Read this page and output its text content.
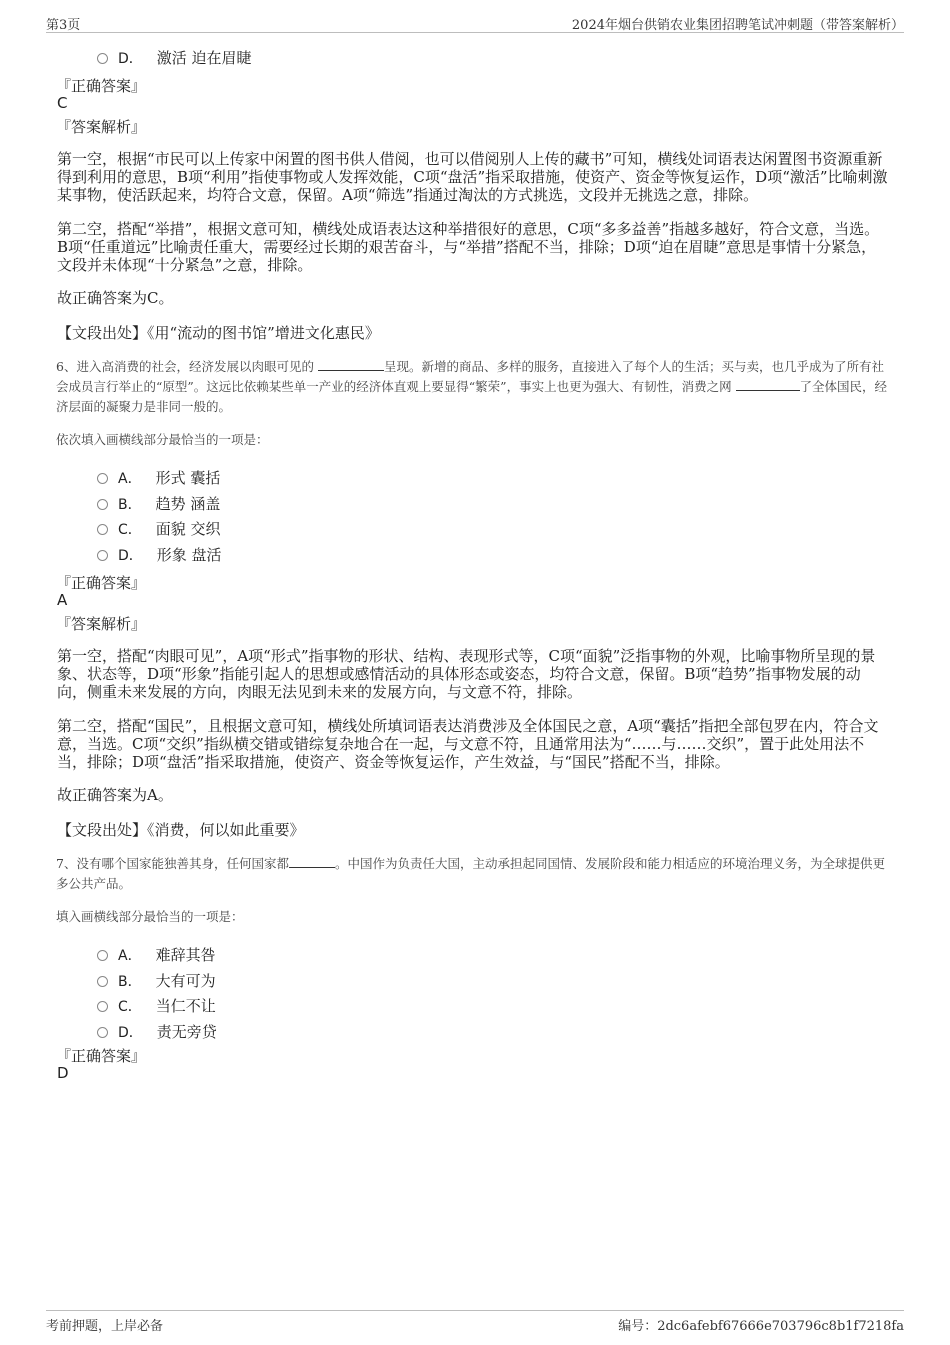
第3页	2024年烟台供销农业集团招聘笔试冲刺题（带答案解析）
D． 激活 迫在眉睫
『正确答案』
C
『答案解析』
第一空，根据“市民可以上传家中闲置的图书供人借阅，也可以借阅别人上传的藏书”可知，横线处词语表达闲置图书资源重新得到利用的意思，B项“利用”指使事物或人发挥效能，C项“盘活”指采取措施，使资产、资金等恢复运作，D项“激活”比喻刺激某事物，使活跃起来，均符合文意，保留。A项“筛选”指通过淘汰的方式挑选，文段并无挑选之意，排除。
第二空，搭配“举措”，根据文意可知，横线处成语表达这种举措很好的意思，C项“多多益善”指越多越好，符合文意，当选。B项“任重道远”比喻责任重大，需要经过长期的艰苦奋斗，与“举措”搭配不当，排除；D项“迫在眉睫”意思是事情十分紧急，文段并未体现“十分紧急”之意，排除。
故正确答案为C。
【文段出处】《用“流动的图书馆”增进文化惠民》
6、进入高消费的社会，经济发展以肉眼可见的	呈现。新增的商品、多样的服务，直接进入了每个人的生活；买与卖，也几乎成为了所有社会成员言行举止的“原型”。这远比依赖某些单一产业的经济体直观上要显得“繁荣”，事实上也更为强大、有韧性，消费之网	了全体国民，经济层面的凝聚力是非同一般的。
依次填入画横线部分最恰当的一项是：
A． 形式 囊括
B． 趋势 涵盖
C． 面貌 交织
D． 形象 盘活
『正确答案』
A
『答案解析』
第一空，搭配“肉眼可见”，A项“形式”指事物的形状、结构、表现形式等，C项“面貌”泛指事物的外观，比喻事物所呈现的景象、状态等，D项“形象”指能引起人的思想或感情活动的具体形态或姿态，均符合文意，保留。B项“趋势”指事物发展的动向，侧重未来发展的方向，肉眼无法见到未来的发展方向，与文意不符，排除。
第二空，搭配“国民”，且根据文意可知，横线处所填词语表达消费涉及全体国民之意，A项“囊括”指把全部包罗在内，符合文意，当选。C项“交织”指纵横交错或错综复杂地合在一起，与文意不符，且通常用法为“……与……交织”，置于此处用法不当，排除；D项“盘活”指采取措施，使资产、资金等恢复运作，产生效益，与“国民”搭配不当，排除。
故正确答案为A。
【文段出处】《消费，何以如此重要》
7、没有哪个国家能独善其身，任何国家都	。中国作为负责任大国，主动承担起同国情、发展阶段和能力相适应的环境治理义务，为全球提供更多公共产品。
填入画横线部分最恰当的一项是：
A． 难辞其咎
B． 大有可为
C． 当仁不让
D． 责无旁贷
『正确答案』
D
考前押题，上岸必备	编号：2dc6afebf67666e703796c8b1f7218fa
